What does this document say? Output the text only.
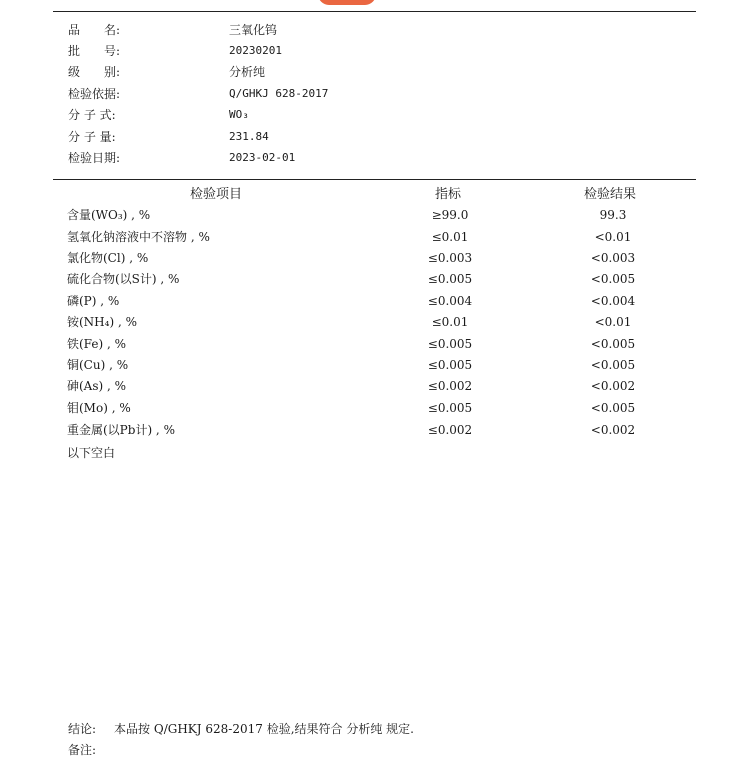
品　　名:	三氧化钨
批　　号:	20230201
级　　别:	分析纯
检验依据:	Q/GHKJ 628-2017
分 子 式:	WO₃
分 子 量:	231.84
检验日期:	2023-02-01
检验项目	指标	检验结果
含量(WO₃) , %	≥99.0	99.3
氢氧化钠溶液中不溶物 , %	≤0.01	<0.01
氯化物(Cl) , %	≤0.003	<0.003
硫化合物(以S计) , %	≤0.005	<0.005
磷(P) , %	≤0.004	<0.004
铵(NH₄) , %	≤0.01	<0.01
铁(Fe) , %	≤0.005	<0.005
铜(Cu) , %	≤0.005	<0.005
砷(As) , %	≤0.002	<0.002
钼(Mo) , %	≤0.005	<0.005
重金属(以Pb计) , %	≤0.002	<0.002
以下空白
结论: 本品按 Q/GHKJ 628-2017 检验,结果符合 分析纯 规定.
备注:
